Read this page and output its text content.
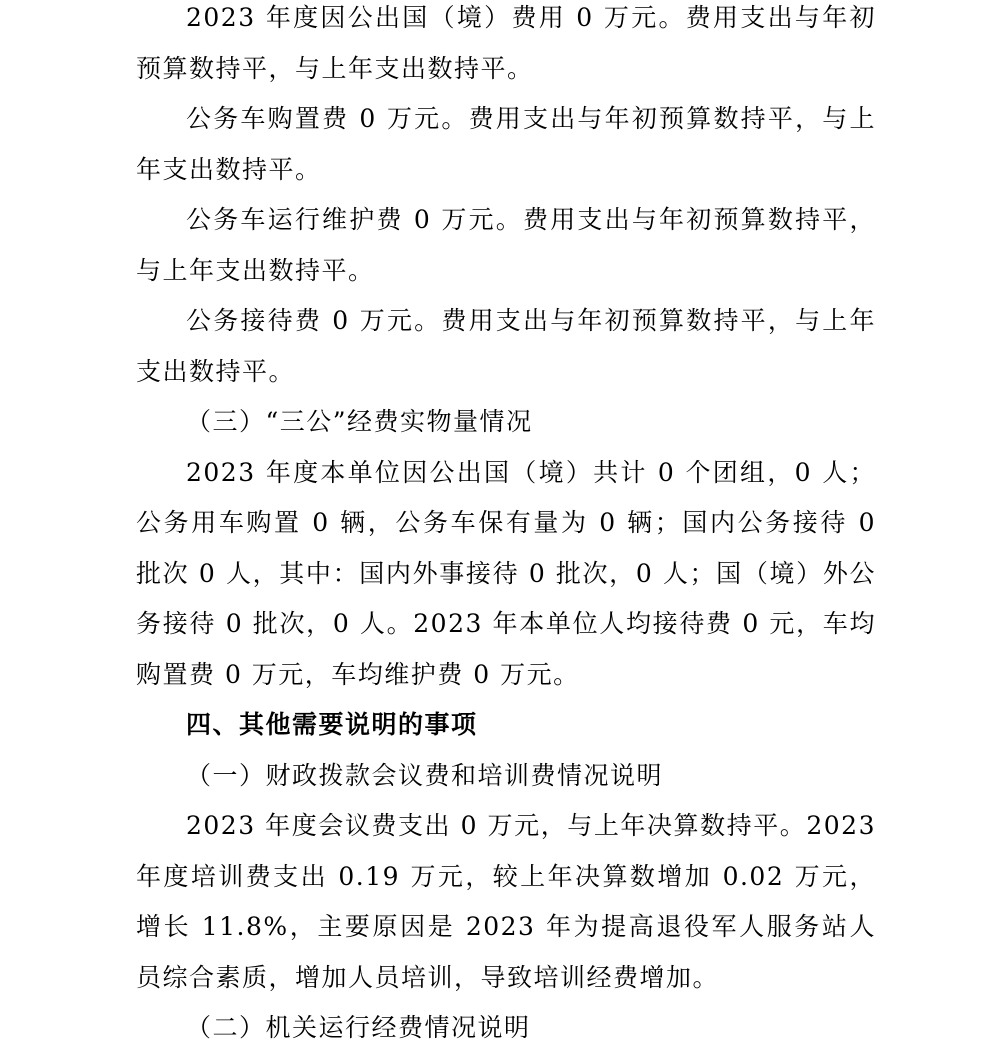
2023 年度因公出国（境）费用 0 万元。费用支出与年初预算数持平，与上年支出数持平。

公务车购置费 0 万元。费用支出与年初预算数持平，与上年支出数持平。

公务车运行维护费 0 万元。费用支出与年初预算数持平，与上年支出数持平。

公务接待费 0 万元。费用支出与年初预算数持平，与上年支出数持平。

（三）“三公”经费实物量情况

2023 年度本单位因公出国（境）共计 0 个团组，0 人；公务用车购置 0 辆，公务车保有量为 0 辆；国内公务接待 0 批次 0 人，其中：国内外事接待 0 批次，0 人；国（境）外公务接待 0 批次，0 人。2023 年本单位人均接待费 0 元，车均购置费 0 万元，车均维护费 0 万元。

四、其他需要说明的事项

（一）财政拨款会议费和培训费情况说明

2023 年度会议费支出 0 万元，与上年决算数持平。2023 年度培训费支出 0.19 万元，较上年决算数增加 0.02 万元，增长 11.8%，主要原因是 2023 年为提高退役军人服务站人员综合素质，增加人员培训，导致培训经费增加。

（二）机关运行经费情况说明
